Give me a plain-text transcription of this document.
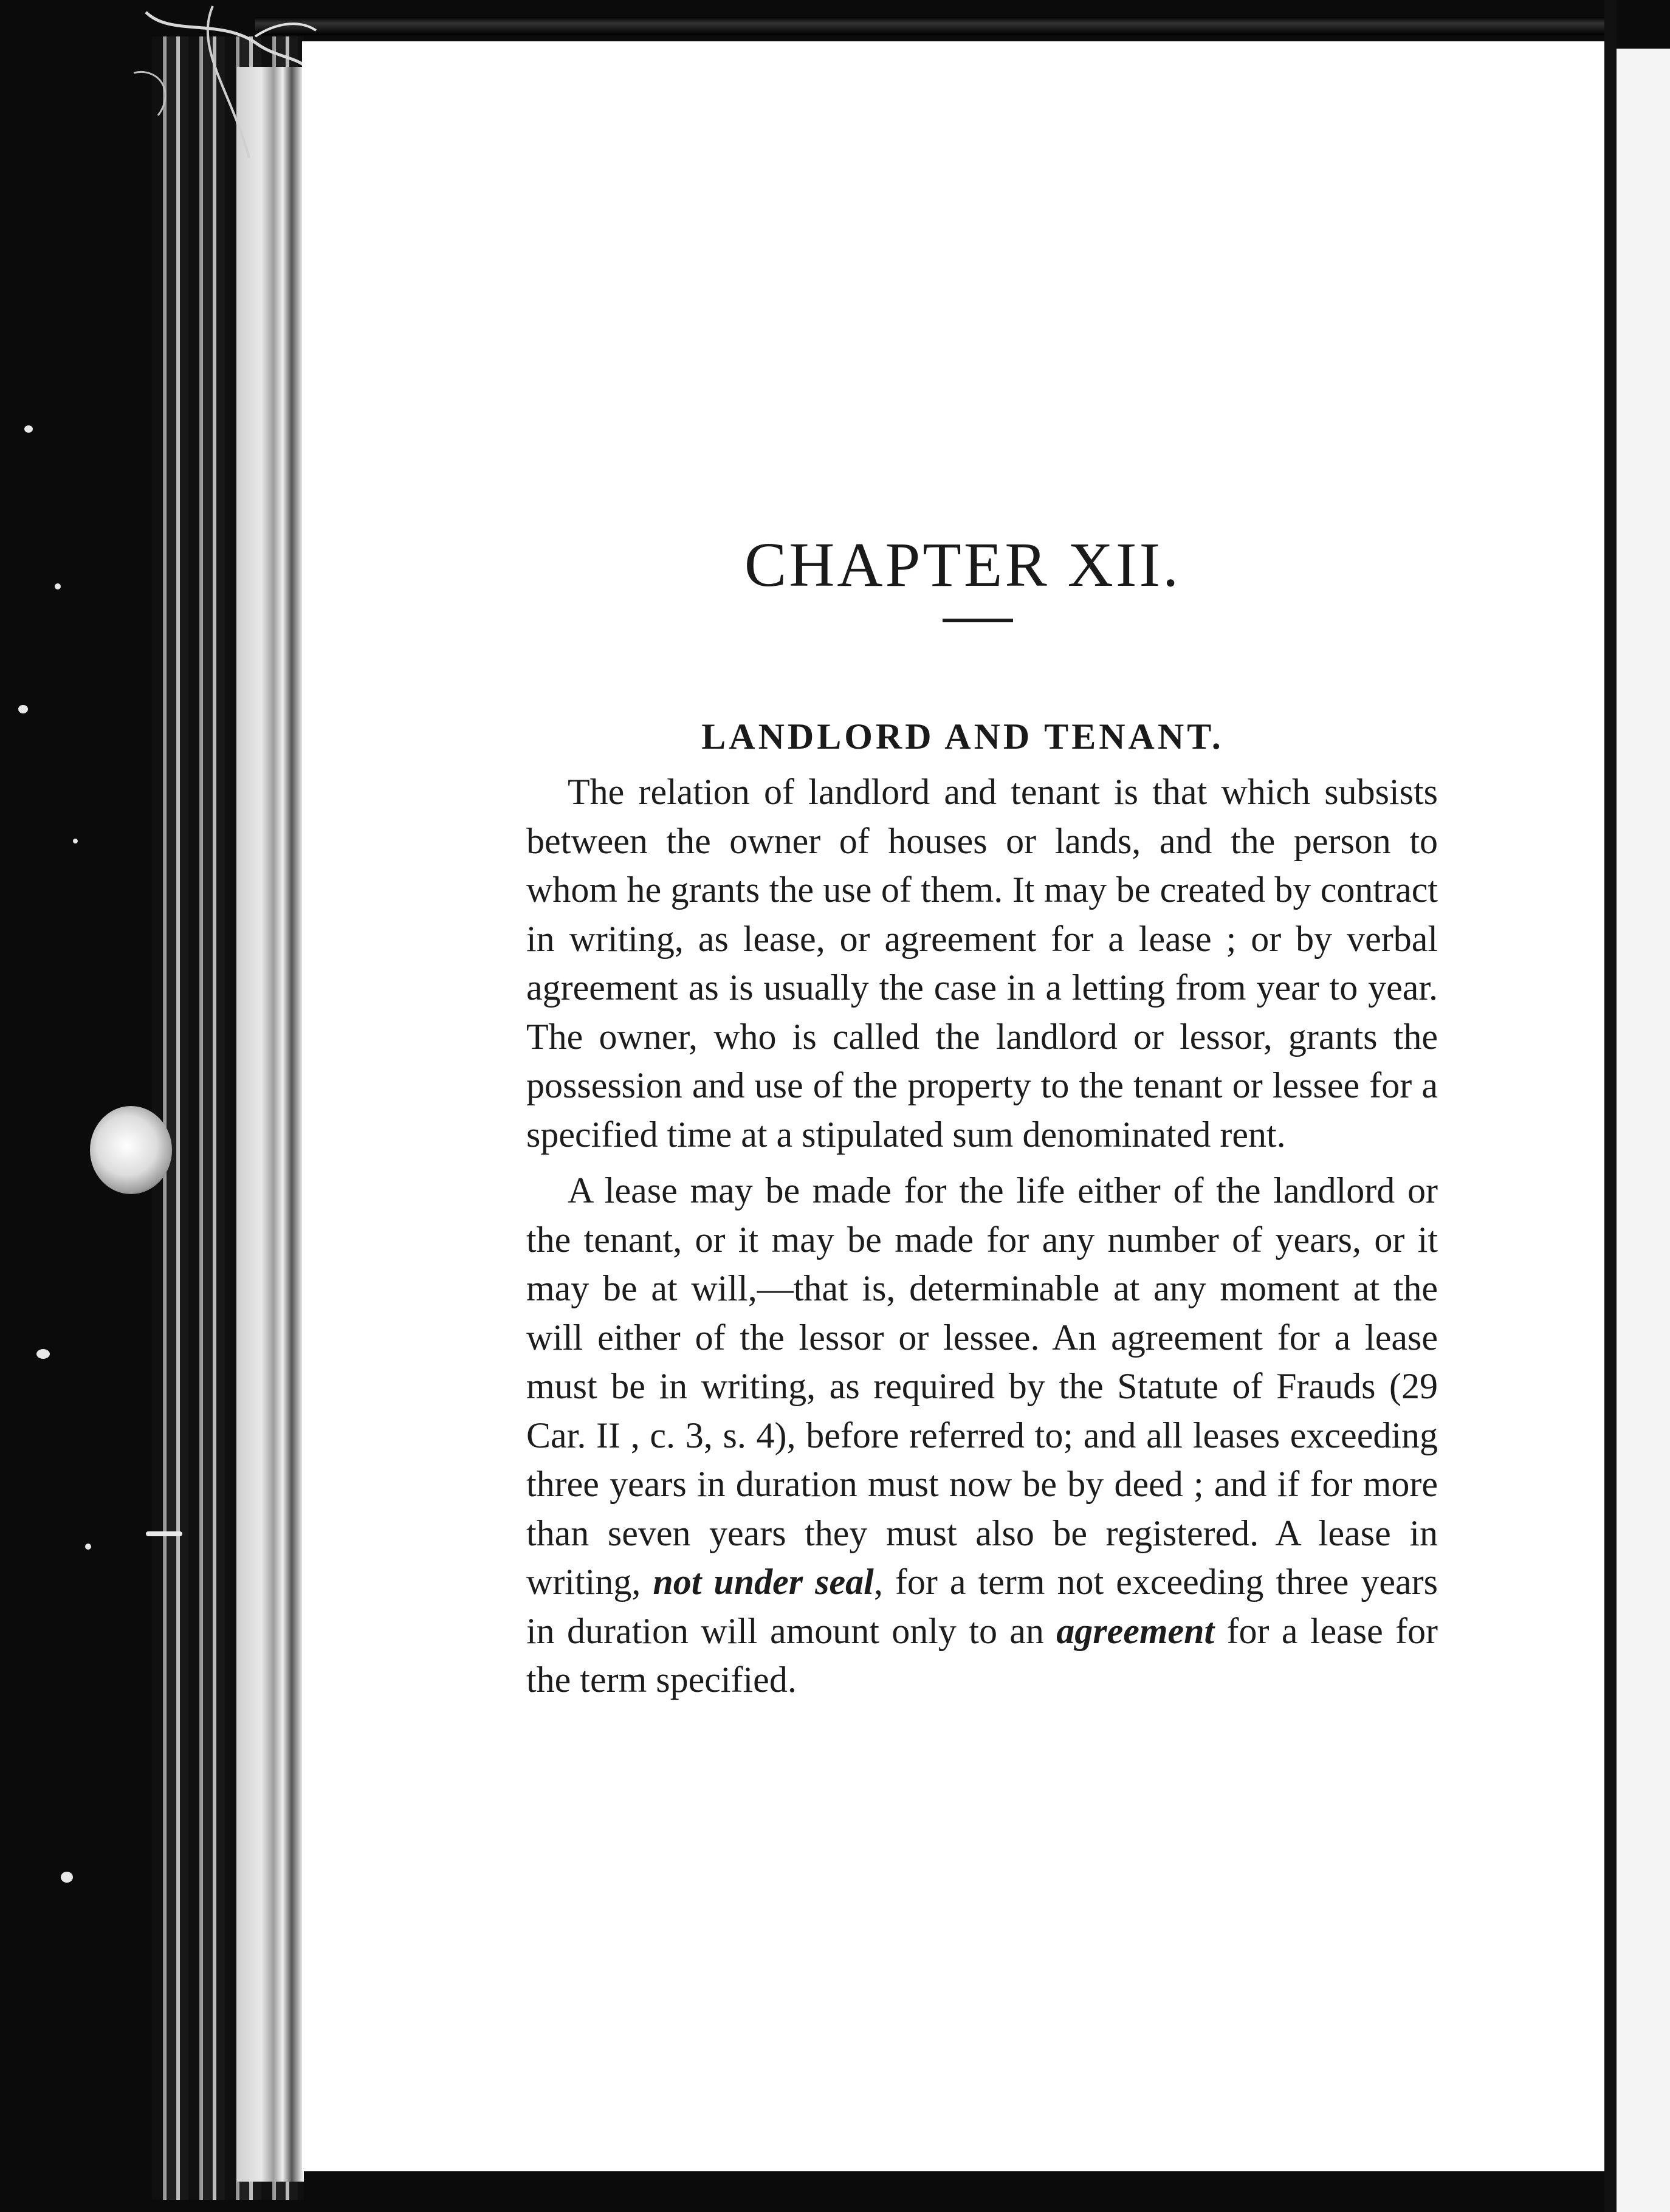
CHAPTER XII.
LANDLORD AND TENANT.

The relation of landlord and tenant is that which subsists between the owner of houses or lands, and the person to whom he grants the use of them. It may be created by contract in writing, as lease, or agreement for a lease ; or by verbal agreement as is usually the case in a letting from year to year. The owner, who is called the landlord or lessor, grants the possession and use of the property to the tenant or lessee for a specified time at a stipulated sum denominated rent.

A lease may be made for the life either of the landlord or the tenant, or it may be made for any number of years, or it may be at will,—that is, determinable at any moment at the will either of the lessor or lessee. An agreement for a lease must be in writing, as required by the Statute of Frauds (29 Car. II , c. 3, s. 4), before referred to; and all leases exceeding three years in duration must now be by deed ; and if for more than seven years they must also be registered. A lease in writing, not under seal, for a term not exceeding three years in duration will amount only to an agreement for a lease for the term specified.
